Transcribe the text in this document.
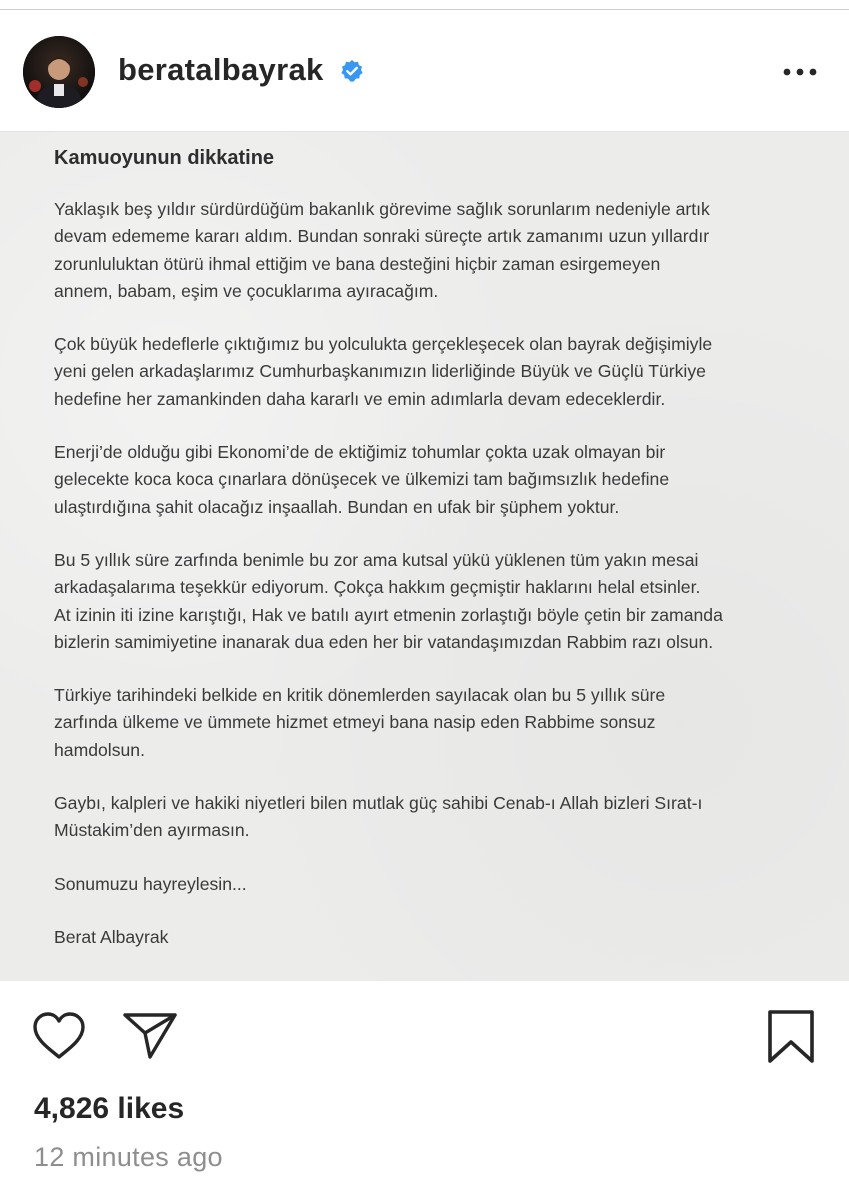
beratalbayrak
Kamuoyunun dikkatine

Yaklaşık beş yıldır sürdürdüğüm bakanlık görevime sağlık sorunlarım nedeniyle artık
devam edememe kararı aldım. Bundan sonraki süreçte artık zamanımı uzun yıllardır
zorunluluktan ötürü ihmal ettiğim ve bana desteğini hiçbir zaman esirgemeyen
annem, babam, eşim ve çocuklarıma ayıracağım.

Çok büyük hedeflerle çıktığımız bu yolculukta gerçekleşecek olan bayrak değişimiyle
yeni gelen arkadaşlarımız Cumhurbaşkanımızın liderliğinde Büyük ve Güçlü Türkiye
hedefine her zamankinden daha kararlı ve emin adımlarla devam edeceklerdir.

Enerji’de olduğu gibi Ekonomi’de de ektiğimiz tohumlar çokta uzak olmayan bir
gelecekte koca koca çınarlara dönüşecek ve ülkemizi tam bağımsızlık hedefine
ulaştırdığına şahit olacağız inşaallah. Bundan en ufak bir şüphem yoktur.

Bu 5 yıllık süre zarfında benimle bu zor ama kutsal yükü yüklenen tüm yakın mesai
arkadaşalarıma teşekkür ediyorum. Çokça hakkım geçmiştir haklarını helal etsinler.
At izinin iti izine karıştığı, Hak ve batılı ayırt etmenin zorlaştığı böyle çetin bir zamanda
bizlerin samimiyetine inanarak dua eden her bir vatandaşımızdan Rabbim razı olsun.

Türkiye tarihindeki belkide en kritik dönemlerden sayılacak olan bu 5 yıllık süre
zarfında ülkeme ve ümmete hizmet etmeyi bana nasip eden Rabbime sonsuz
hamdolsun.

Gaybı, kalpleri ve hakiki niyetleri bilen mutlak güç sahibi Cenab-ı Allah bizleri Sırat-ı
Müstakim’den ayırmasın.

Sonumuzu hayreylesin...

Berat Albayrak

4,826 likes
12 minutes ago
